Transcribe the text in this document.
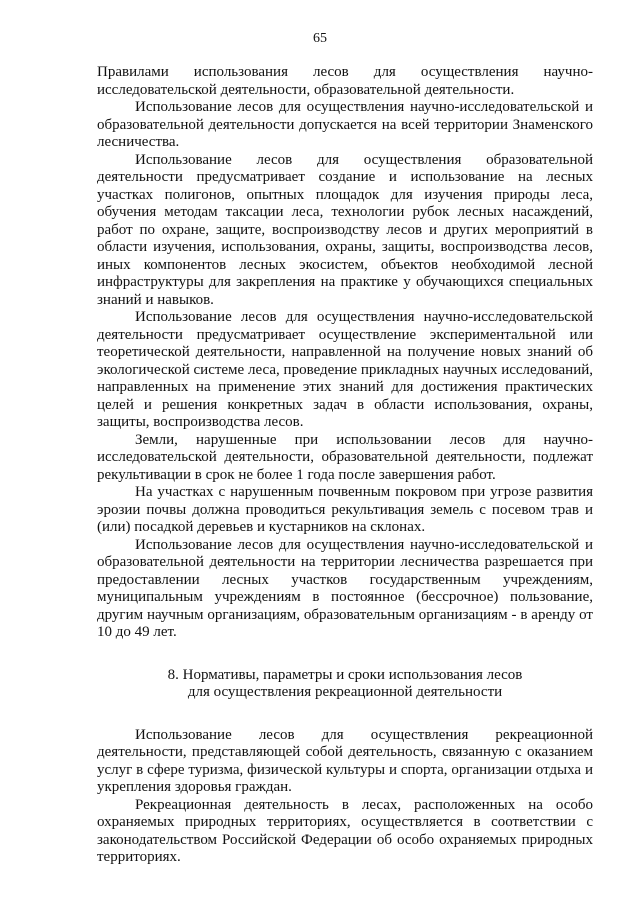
65

Правилами использования лесов для осуществления научно-исследовательской деятельности, образовательной деятельности.

Использование лесов для осуществления научно-исследовательской и образовательной деятельности допускается на всей территории Знаменского лесничества.

Использование лесов для осуществления образовательной деятельности предусматривает создание и использование на лесных участках полигонов, опытных площадок для изучения природы леса, обучения методам таксации леса, технологии рубок лесных насаждений, работ по охране, защите, воспроизводству лесов и других мероприятий в области изучения, использования, охраны, защиты, воспроизводства лесов, иных компонентов лесных экосистем, объектов необходимой лесной инфраструктуры для закрепления на практике у обучающихся специальных знаний и навыков.

Использование лесов для осуществления научно-исследовательской деятельности предусматривает осуществление экспериментальной или теоретической деятельности, направленной на получение новых знаний об экологической системе леса, проведение прикладных научных исследований, направленных на применение этих знаний для достижения практических целей и решения конкретных задач в области использования, охраны, защиты, воспроизводства лесов.

Земли, нарушенные при использовании лесов для научно-исследовательской деятельности, образовательной деятельности, подлежат рекультивации в срок не более 1 года после завершения работ.

На участках с нарушенным почвенным покровом при угрозе развития эрозии почвы должна проводиться рекультивация земель с посевом трав и (или) посадкой деревьев и кустарников на склонах.

Использование лесов для осуществления научно-исследовательской и образовательной деятельности на территории лесничества разрешается при предоставлении лесных участков государственным учреждениям, муниципальным учреждениям в постоянное (бессрочное) пользование, другим научным организациям, образовательным организациям - в аренду от 10 до 49 лет.

8. Нормативы, параметры и сроки использования лесов
для осуществления рекреационной деятельности

Использование лесов для осуществления рекреационной деятельности, представляющей собой деятельность, связанную с оказанием услуг в сфере туризма, физической культуры и спорта, организации отдыха и укрепления здоровья граждан.

Рекреационная деятельность в лесах, расположенных на особо охраняемых природных территориях, осуществляется в соответствии с законодательством Российской Федерации об особо охраняемых природных территориях.
